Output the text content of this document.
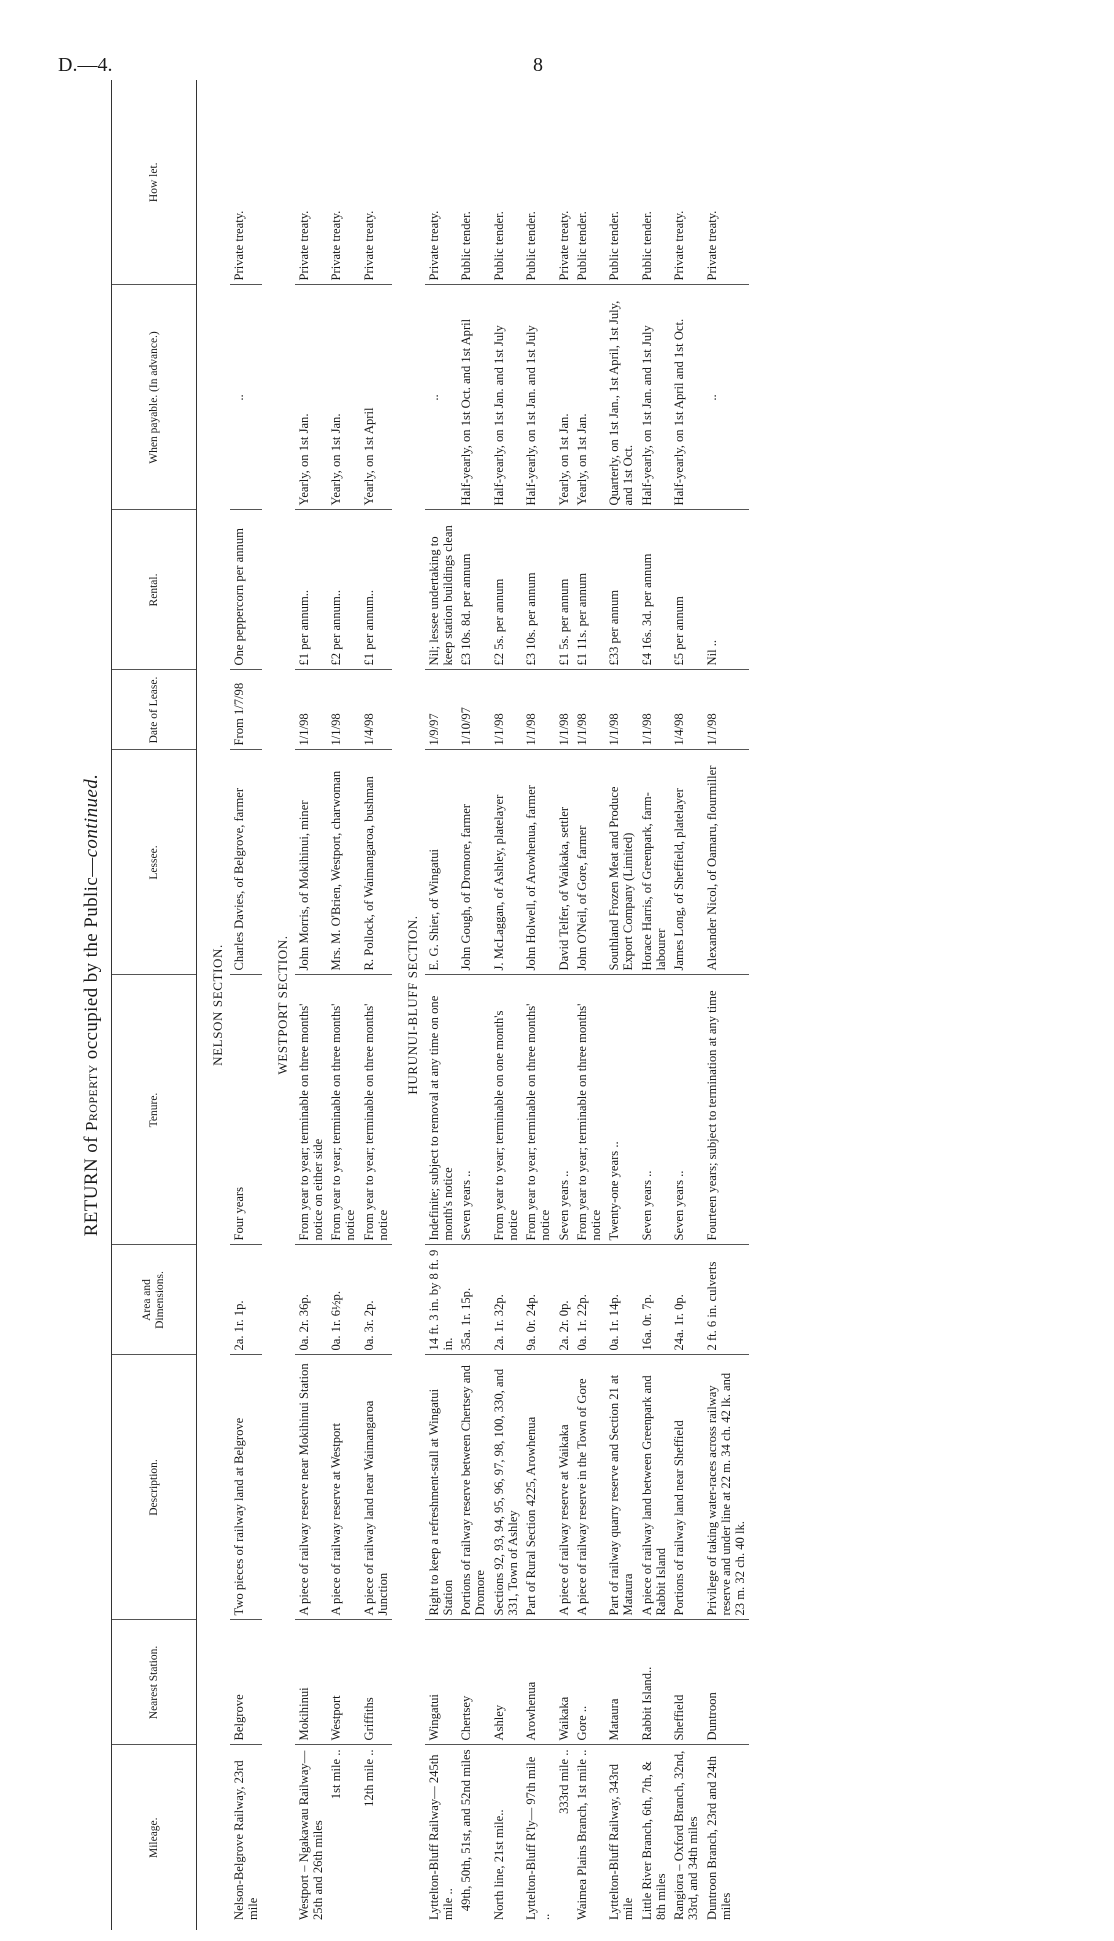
D.—4.	8
RETURN of Property occupied by the Public—continued.
Mileage.	Nearest Station.	Description.	Area and Dimensions.	Tenure.	Lessee.	Date of Lease.	Rental.	When payable. (In advance.)	How let.
NELSON SECTION.									
Nelson-Belgrove Railway, 23rd mile	Belgrove	Two pieces of railway land at Belgrove	2a. 1r. 1p.	Four years	Charles Davies, of Belgrove, farmer	From 1/7/98	One peppercorn per annum	..	Private treaty.
WESTPORT SECTION.									
Westport – Ngakawau Railway— 25th and 26th miles	Mokihinui	A piece of railway reserve near Mokihinui Station	0a. 2r. 36p.	From year to year; terminable on three months' notice on either side	John Morris, of Mokihinui, miner	1/1/98	£1 per annum..	Yearly, on 1st Jan.	Private treaty.
1st mile ..	Westport	A piece of railway reserve at Westport	0a. 1r. 6½p.	From year to year; terminable on three months' notice	Mrs. M. O'Brien, Westport, charwoman	1/1/98	£2 per annum..	Yearly, on 1st Jan.	Private treaty.
12th mile ..	Griffiths	A piece of railway land near Waimangaroa Junction	0a. 3r. 2p.	From year to year; terminable on three months' notice	R. Pollock, of Waimangaroa, bushman	1/4/98	£1 per annum..	Yearly, on 1st April	Private treaty.
HURUNUI-BLUFF SECTION.									
Lyttelton-Bluff Railway— 245th mile ..	Wingatui	Right to keep a refreshment-stall at Wingatui Station	14 ft. 3 in. by 8 ft. 9 in.	Indefinite; subject to removal at any time on one month's notice	E. G. Shier, of Wingatui	1/9/97	Nil; lessee undertaking to keep station buildings clean	..	Private treaty.
49th, 50th, 51st, and 52nd miles	Chertsey	Portions of railway reserve between Chertsey and Dromore	35a. 1r. 15p.	Seven years ..	John Gough, of Dromore, farmer	1/10/97	£3 10s. 8d. per annum	Half-yearly, on 1st Oct. and 1st April	Public tender.
North line, 21st mile..	Ashley	Sections 92, 93, 94, 95, 96, 97, 98, 100, 330, and 331, Town of Ashley	2a. 1r. 32p.	From year to year; terminable on one month's notice	J. McLaggan, of Ashley, platelayer	1/1/98	£2 5s. per annum	Half-yearly, on 1st Jan. and 1st July	Public tender.
Lyttelton-Bluff R'ly— 97th mile ..	Arowhenua	Part of Rural Section 4225, Arowhenua	9a. 0r. 24p.	From year to year; terminable on three months' notice	John Holwell, of Arowhenua, farmer	1/1/98	£3 10s. per annum	Half-yearly, on 1st Jan. and 1st July	Public tender.
333rd mile ..	Waikaka	A piece of railway reserve at Waikaka	2a. 2r. 0p.	Seven years ..	David Telfer, of Waikaka, settler	1/1/98	£1 5s. per annum	Yearly, on 1st Jan.	Private treaty.
Waimea Plains Branch, 1st mile ..	Gore ..	A piece of railway reserve in the Town of Gore	0a. 1r. 22p.	From year to year; terminable on three months' notice	John O'Neil, of Gore, farmer	1/1/98	£1 11s. per annum	Yearly, on 1st Jan.	Public tender.
Lyttelton-Bluff Railway, 343rd mile	Mataura	Part of railway quarry reserve and Section 21 at Mataura	0a. 1r. 14p.	Twenty-one years ..	Southland Frozen Meat and Produce Export Company (Limited)	1/1/98	£33 per annum	Quarterly, on 1st Jan., 1st April, 1st July, and 1st Oct.	Public tender.
Little River Branch, 6th, 7th, & 8th miles	Rabbit Island..	A piece of railway land between Greenpark and Rabbit Island	16a. 0r. 7p.	Seven years ..	Horace Harris, of Greenpark, farm-labourer	1/1/98	£4 16s. 3d. per annum	Half-yearly, on 1st Jan. and 1st July	Public tender.
Rangiora – Oxford Branch, 32nd, 33rd, and 34th miles	Sheffield	Portions of railway land near Sheffield	24a. 1r. 0p.	Seven years ..	James Long, of Sheffield, platelayer	1/4/98	£5 per annum	Half-yearly, on 1st April and 1st Oct.	Private treaty.
Duntroon Branch, 23rd and 24th miles	Duntroon	Privilege of taking water-races across railway reserve and under line at 22 m. 34 ch. 42 lk. and 23 m. 32 ch. 40 lk.	2 ft. 6 in. culverts	Fourteen years; subject to termination at any time	Alexander Nicol, of Oamaru, flourmiller	1/1/98	Nil ..	..	Private treaty.
